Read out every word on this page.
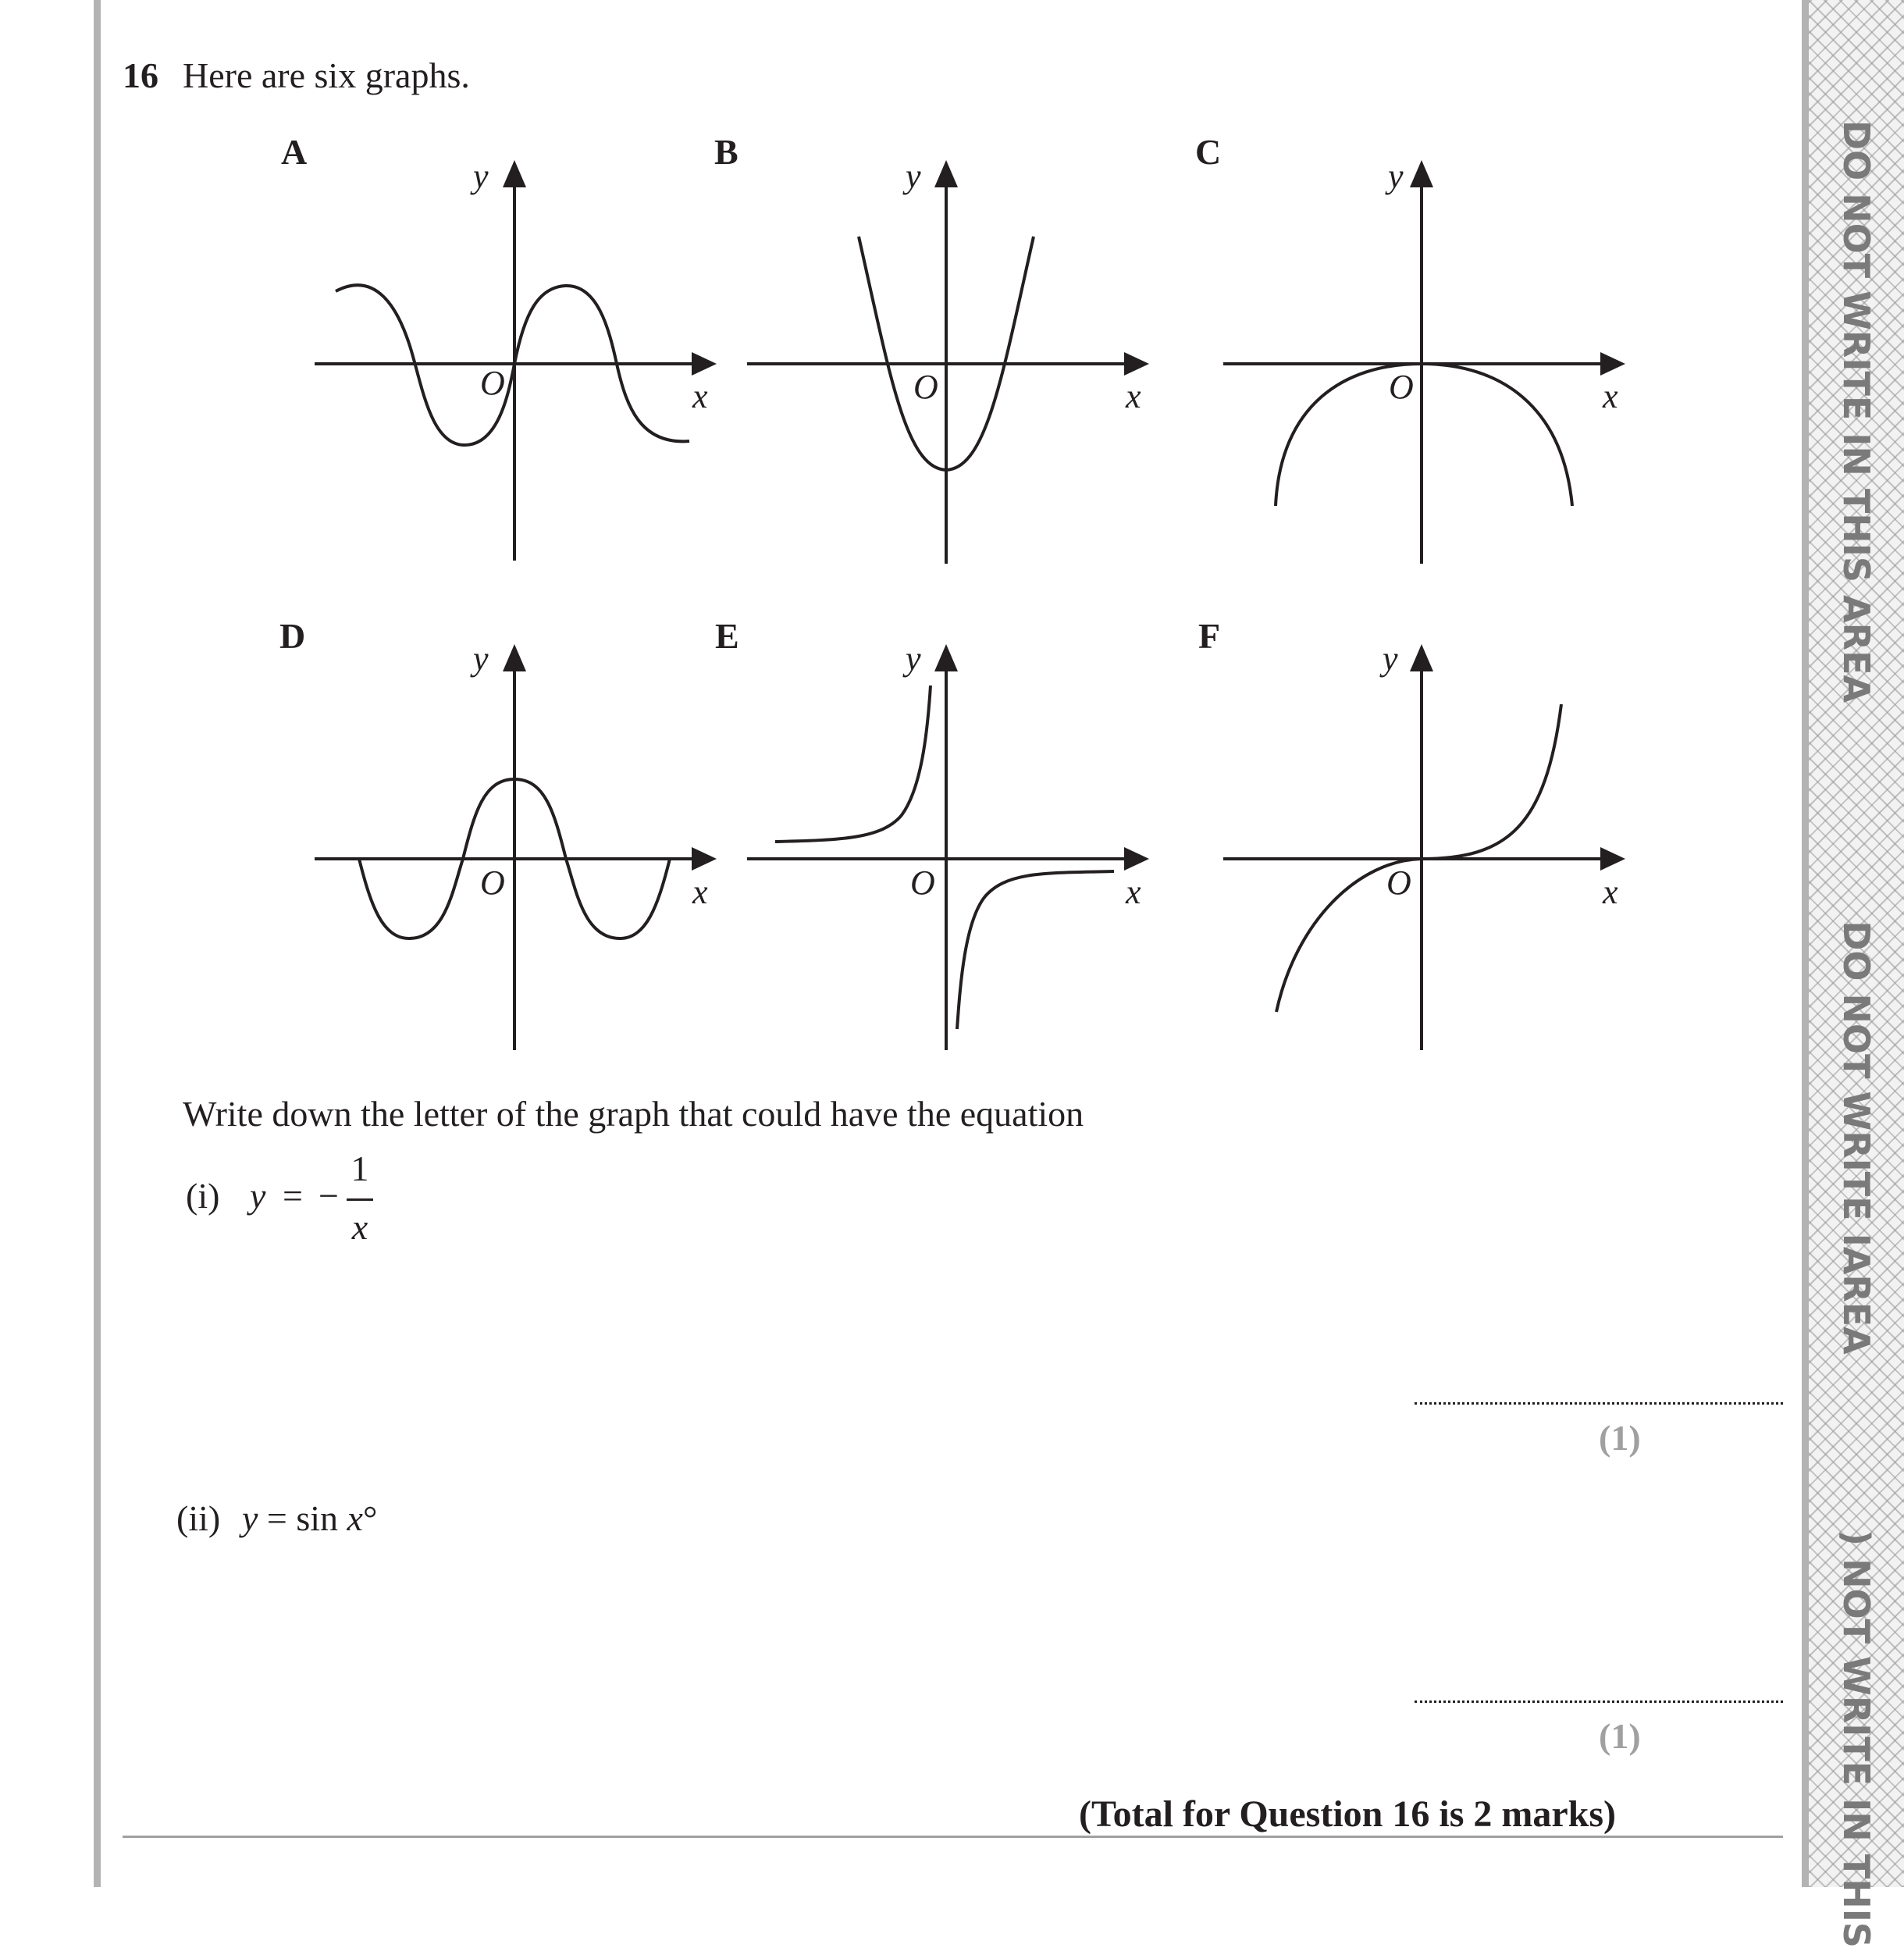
DO NOT WRITE IN THIS AREA
DO NOT WRITE IAREA
) NOT WRITE IN THIS
16 Here are six graphs.
A
y
x
O
B
y
x
O
C
y
x
O
D
y
x
O
E
y
x
O
F
y
x
O
Write down the letter of the graph that could have the equation
(i) y = −
1
x
(1)
(ii) y = sin x°
(1)
(Total for Question 16 is 2 marks)
